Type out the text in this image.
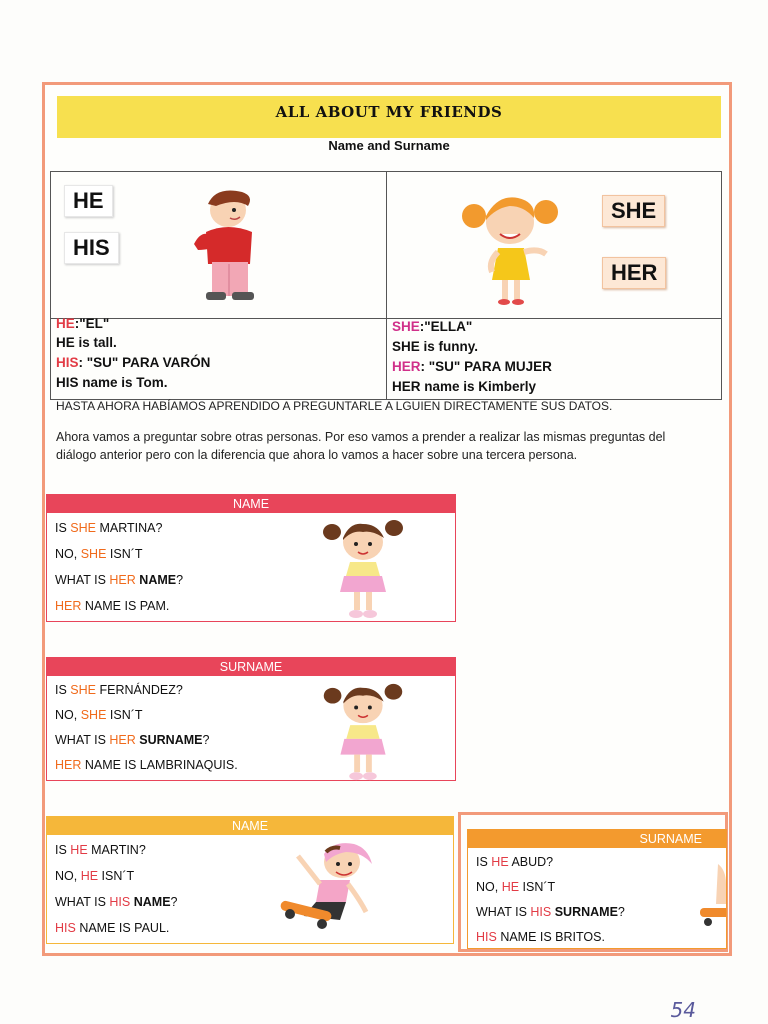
ALL ABOUT MY FRIENDS
Name and Surname
HE
HIS
SHE
HER
HE:"EL"
HE is tall.
HIS: "SU" PARA VARÓN
HIS name is Tom.
SHE:"ELLA"
SHE is funny.
HER: "SU" PARA MUJER
HER name is Kimberly
HASTA AHORA HABÍAMOS APRENDIDO A PREGUNTARLE A LGUIEN DIRECTAMENTE SUS DATOS.
Ahora vamos a preguntar sobre otras personas. Por eso vamos a prender a realizar las mismas preguntas del diálogo anterior pero con la diferencia que ahora lo vamos a hacer sobre una tercera persona.
NAME
IS SHE MARTINA?
NO, SHE ISN´T
WHAT IS HER NAME?
HER NAME IS PAM.
SURNAME
IS SHE FERNÁNDEZ?
NO, SHE ISN´T
WHAT IS HER SURNAME?
HER NAME IS LAMBRINAQUIS.
NAME
IS HE MARTIN?
NO, HE ISN´T
WHAT IS HIS NAME?
HIS NAME IS PAUL.
SURNAME
IS HE ABUD?
NO, HE ISN´T
WHAT IS HIS SURNAME?
HIS NAME IS BRITOS.
54
